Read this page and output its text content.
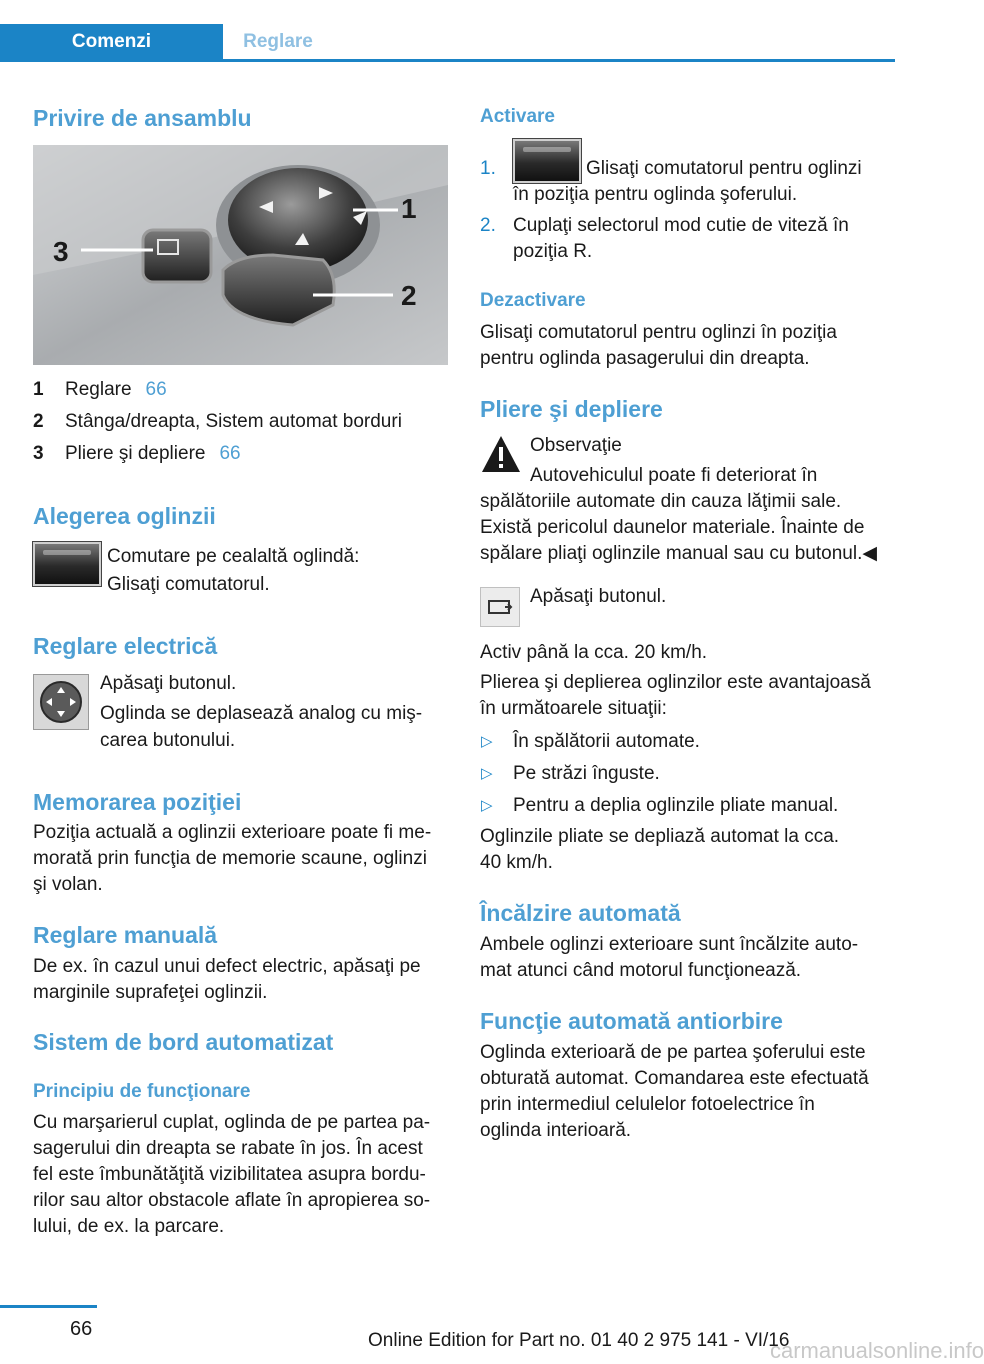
Comenzi	Reglare
Privire de ansamblu
1
2
3
1 Reglare 66
2 Stânga/dreapta, Sistem automat borduri
3 Pliere şi depliere 66
Alegerea oglinzii
Comutare pe cealaltă oglindă:
Glisaţi comutatorul.
Reglare electrică
Apăsaţi butonul.
Oglinda se deplasează analog cu miş‐
carea butonului.
Memorarea poziţiei
Poziţia actuală a oglinzii exterioare poate fi me‐
morată prin funcţia de memorie scaune, oglinzi
şi volan.
Reglare manuală
De ex. în cazul unui defect electric, apăsaţi pe
marginile suprafeţei oglinzii.
Sistem de bord automatizat
Principiu de funcţionare
Cu marşarierul cuplat, oglinda de pe partea pa‐
sagerului din dreapta se rabate în jos. În acest
fel este îmbunătăţită vizibilitatea asupra bordu‐
rilor sau altor obstacole aflate în apropierea so‐
lului, de ex. la parcare.
Activare
1.	Glisaţi comutatorul pentru oglinzi
în poziţia pentru oglinda şoferului.
2. Cuplaţi selectorul mod cutie de viteză în
poziţia R.
Dezactivare
Glisaţi comutatorul pentru oglinzi în poziţia
pentru oglinda pasagerului din dreapta.
Pliere şi depliere
Observaţie
Autovehiculul poate fi deteriorat în
spălătoriile automate din cauza lăţimii sale.
Există pericolul daunelor materiale. Înainte de
spălare pliaţi oglinzile manual sau cu butonul.◀
Apăsaţi butonul.
Activ până la cca. 20 km/h.
Plierea şi deplierea oglinzilor este avantajoasă
în următoarele situaţii:
▷ În spălătorii automate.
▷ Pe străzi înguste.
▷ Pentru a deplia oglinzile pliate manual.
Oglinzile pliate se depliază automat la cca.
40 km/h.
Încălzire automată
Ambele oglinzi exterioare sunt încălzite auto‐
mat atunci când motorul funcţionează.
Funcţie automată antiorbire
Oglinda exterioară de pe partea şoferului este
obturată automat. Comandarea este efectuată
prin intermediul celulelor fotoelectrice în
oglinda interioară.
66
Online Edition for Part no. 01 40 2 975 141 - VI/16
carmanualsonline.info
